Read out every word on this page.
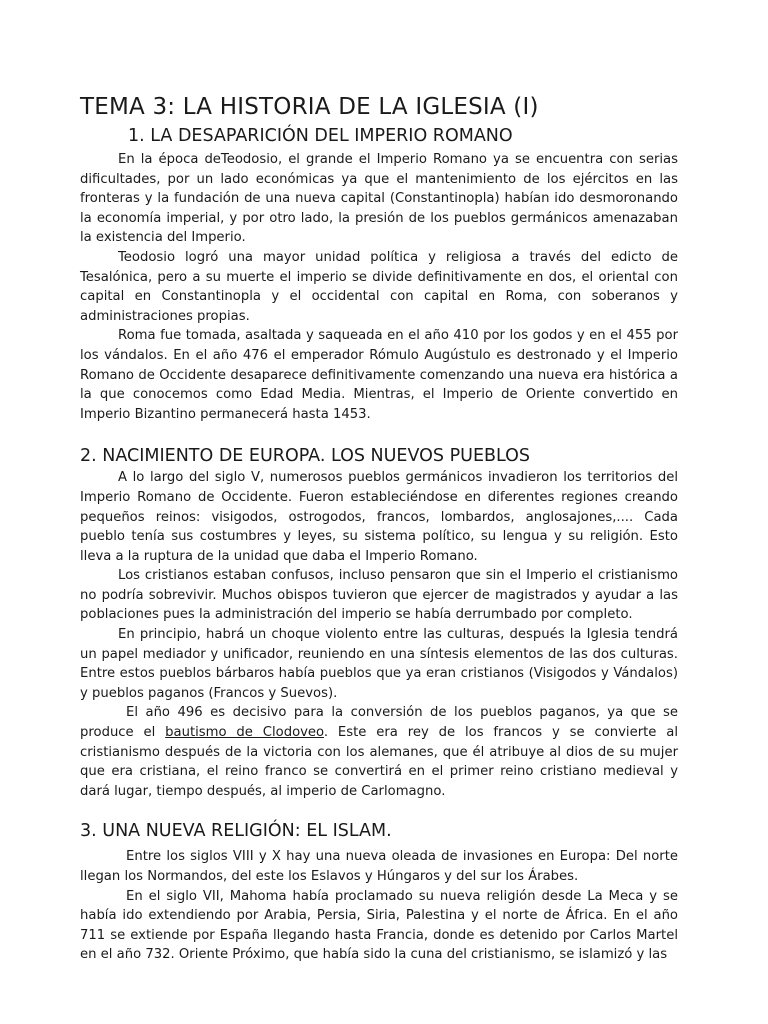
TEMA 3: LA HISTORIA DE LA IGLESIA (I)
1. LA DESAPARICIÓN DEL IMPERIO ROMANO

En la época deTeodosio, el grande el Imperio Romano ya se encuentra con serias dificultades, por un lado económicas ya que el mantenimiento de los ejércitos en las fronteras y la fundación de una nueva capital (Constantinopla) habían ido desmoronando la economía imperial, y por otro lado, la presión de los pueblos germánicos amenazaban la existencia del Imperio.

Teodosio logró una mayor unidad política y religiosa a través del edicto de Tesalónica, pero a su muerte el imperio se divide definitivamente en dos, el oriental con capital en Constantinopla y el occidental con capital en Roma, con soberanos y administraciones propias.

Roma fue tomada, asaltada y saqueada en el año 410 por los godos y en el 455 por los vándalos. En el año 476 el emperador Rómulo Augústulo es destronado y el Imperio Romano de Occidente desaparece definitivamente comenzando una nueva era histórica a la que conocemos como Edad Media. Mientras, el Imperio de Oriente convertido en Imperio Bizantino permanecerá hasta 1453.

2. NACIMIENTO DE EUROPA. LOS NUEVOS PUEBLOS

A lo largo del siglo V, numerosos pueblos germánicos invadieron los territorios del Imperio Romano de Occidente. Fueron estableciéndose en diferentes regiones creando pequeños reinos: visigodos, ostrogodos, francos, lombardos, anglosajones,.... Cada pueblo tenía sus costumbres y leyes, su sistema político, su lengua y su religión. Esto lleva a la ruptura de la unidad que daba el Imperio Romano.

Los cristianos estaban confusos, incluso pensaron que sin el Imperio el cristianismo no podría sobrevivir. Muchos obispos tuvieron que ejercer de magistrados y ayudar a las poblaciones pues la administración del imperio se había derrumbado por completo.

En principio, habrá un choque violento entre las culturas, después la Iglesia tendrá un papel mediador y unificador, reuniendo en una síntesis elementos de las dos culturas. Entre estos pueblos bárbaros había pueblos que ya eran cristianos (Visigodos y Vándalos) y pueblos paganos (Francos y Suevos).

El año 496 es decisivo para la conversión de los pueblos paganos, ya que se produce el bautismo de Clodoveo. Este era rey de los francos y se convierte al cristianismo después de la victoria con los alemanes, que él atribuye al dios de su mujer que era cristiana, el reino franco se convertirá en el primer reino cristiano medieval y dará lugar, tiempo después, al imperio de Carlomagno.

3. UNA NUEVA RELIGIÓN: EL ISLAM.

Entre los siglos VIII y X hay una nueva oleada de invasiones en Europa: Del norte llegan los Normandos, del este los Eslavos y Húngaros y del sur los Árabes.

En el siglo VII, Mahoma había proclamado su nueva religión desde La Meca y se había ido extendiendo por Arabia, Persia, Siria, Palestina y el norte de África. En el año 711 se extiende por España llegando hasta Francia, donde es detenido por Carlos Martel en el año 732. Oriente Próximo, que había sido la cuna del cristianismo, se islamizó y las
